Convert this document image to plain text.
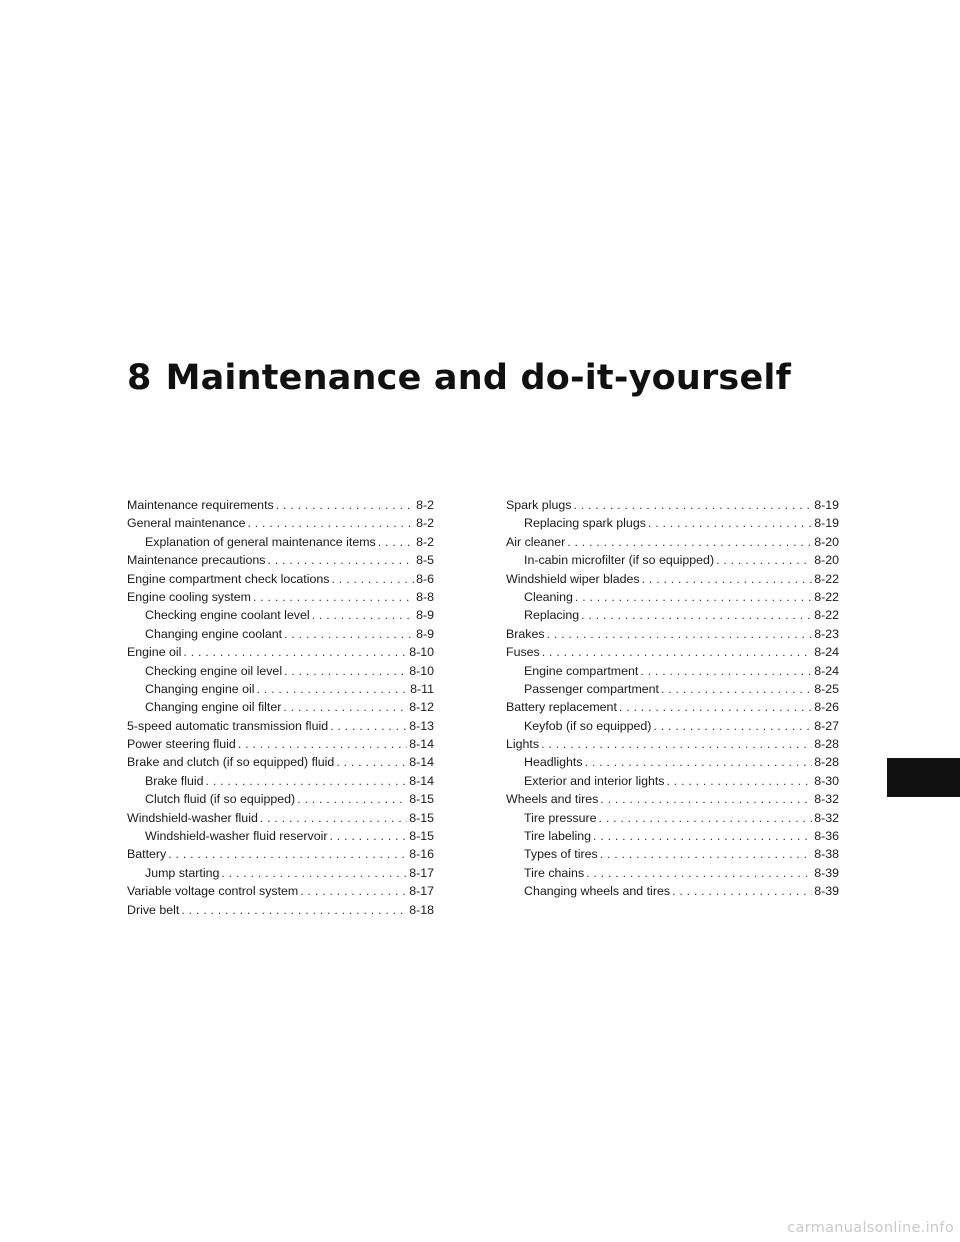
8 Maintenance and do-it-yourself
Maintenance requirements . . .	8-2
General maintenance . . .	8-2
Explanation of general maintenance items . . .	8-2
Maintenance precautions . . .	8-5
Engine compartment check locations . . .	8-6
Engine cooling system . . .	8-8
Checking engine coolant level . . .	8-9
Changing engine coolant . . .	8-9
Engine oil . . .	8-10
Checking engine oil level . . .	8-10
Changing engine oil . . .	8-11
Changing engine oil filter . . .	8-12
5-speed automatic transmission fluid . . .	8-13
Power steering fluid . . .	8-14
Brake and clutch (if so equipped) fluid . . .	8-14
Brake fluid . . .	8-14
Clutch fluid (if so equipped) . . .	8-15
Windshield-washer fluid . . .	8-15
Windshield-washer fluid reservoir . . .	8-15
Battery . . .	8-16
Jump starting . . .	8-17
Variable voltage control system . . .	8-17
Drive belt . . .	8-18
Spark plugs . . .	8-19
Replacing spark plugs . . .	8-19
Air cleaner . . .	8-20
In-cabin microfilter (if so equipped) . . .	8-20
Windshield wiper blades . . .	8-22
Cleaning . . .	8-22
Replacing . . .	8-22
Brakes . . .	8-23
Fuses . . .	8-24
Engine compartment . . .	8-24
Passenger compartment . . .	8-25
Battery replacement . . .	8-26
Keyfob (if so equipped) . . .	8-27
Lights . . .	8-28
Headlights . . .	8-28
Exterior and interior lights . . .	8-30
Wheels and tires . . .	8-32
Tire pressure . . .	8-32
Tire labeling . . .	8-36
Types of tires . . .	8-38
Tire chains . . .	8-39
Changing wheels and tires . . .	8-39
carmanualsonline.info
